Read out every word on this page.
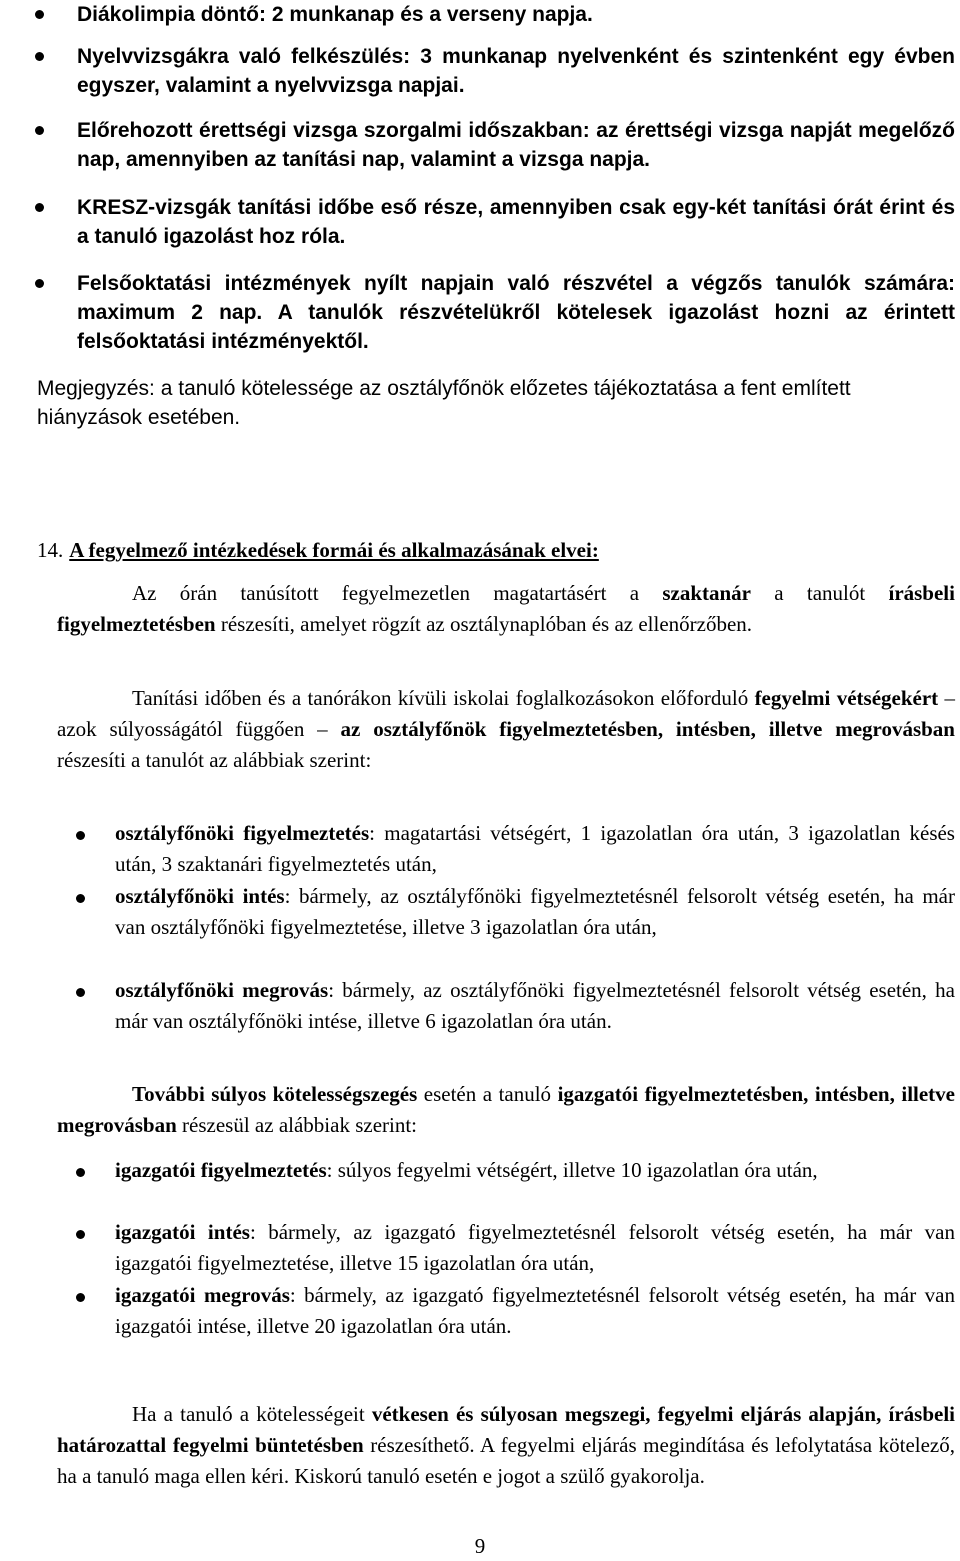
Diákolimpia döntő: 2 munkanap és a verseny napja.
Nyelvvizsgákra való felkészülés: 3 munkanap nyelvenként és szintenként egy évben egyszer, valamint a nyelvvizsga napjai.
Előrehozott érettségi vizsga szorgalmi időszakban: az érettségi vizsga napját megelőző nap, amennyiben az tanítási nap, valamint a vizsga napja.
KRESZ-vizsgák tanítási időbe eső része, amennyiben csak egy-két tanítási órát érint és a tanuló igazolást hoz róla.
Felsőoktatási intézmények nyílt napjain való részvétel a végzős tanulók számára: maximum 2 nap. A tanulók részvételükről kötelesek igazolást hozni az érintett felsőoktatási intézményektől.
Megjegyzés: a tanuló kötelessége az osztályfőnök előzetes tájékoztatása a fent említett hiányzások esetében.
14. A fegyelmező intézkedések formái és alkalmazásának elvei:
Az órán tanúsított fegyelmezetlen magatartásért a szaktanár a tanulót írásbeli figyelmeztetésben részesíti, amelyet rögzít az osztálynaplóban és az ellenőrzőben.
Tanítási időben és a tanórákon kívüli iskolai foglalkozásokon előforduló fegyelmi vétségekért – azok súlyosságától függően – az osztályfőnök figyelmeztetésben, intésben, illetve megrovásban részesíti a tanulót az alábbiak szerint:
osztályfőnöki figyelmeztetés: magatartási vétségért, 1 igazolatlan óra után, 3 igazolatlan késés után, 3 szaktanári figyelmeztetés után,
osztályfőnöki intés: bármely, az osztályfőnöki figyelmeztetésnél felsorolt vétség esetén, ha már van osztályfőnöki figyelmeztetése, illetve 3 igazolatlan óra után,
osztályfőnöki megrovás: bármely, az osztályfőnöki figyelmeztetésnél felsorolt vétség esetén, ha már van osztályfőnöki intése, illetve 6 igazolatlan óra után.
További súlyos kötelességszegés esetén a tanuló igazgatói figyelmeztetésben, intésben, illetve megrovásban részesül az alábbiak szerint:
igazgatói figyelmeztetés: súlyos fegyelmi vétségért, illetve 10 igazolatlan óra után,
igazgatói intés: bármely, az igazgató figyelmeztetésnél felsorolt vétség esetén, ha már van igazgatói figyelmeztetése, illetve 15 igazolatlan óra után,
igazgatói megrovás: bármely, az igazgató figyelmeztetésnél felsorolt vétség esetén, ha már van igazgatói intése, illetve 20 igazolatlan óra után.
Ha a tanuló a kötelességeit vétkesen és súlyosan megszegi, fegyelmi eljárás alapján, írásbeli határozattal fegyelmi büntetésben részesíthető. A fegyelmi eljárás megindítása és lefolytatása kötelező, ha a tanuló maga ellen kéri. Kiskorú tanuló esetén e jogot a szülő gyakorolja.
9
